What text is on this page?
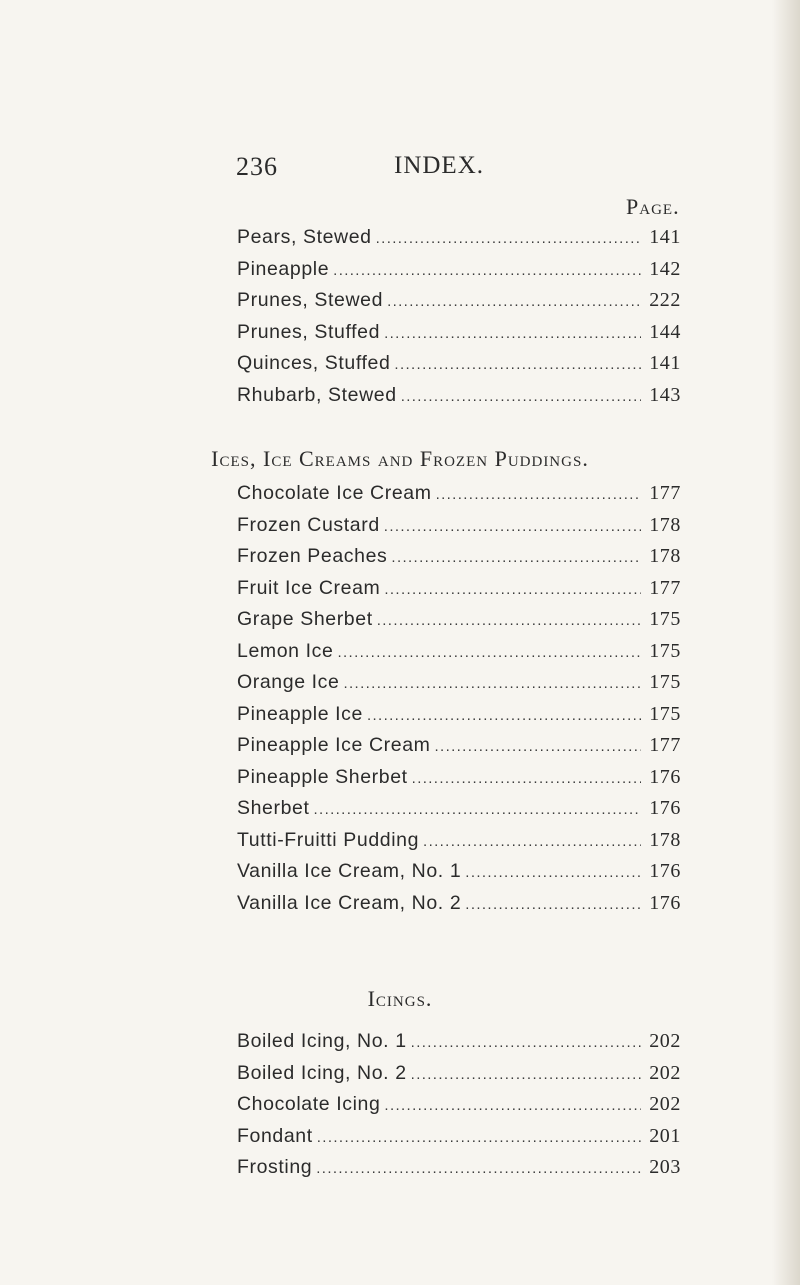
236	INDEX.
Page.
Pears, Stewed . . .	141
Pineapple . . .	142
Prunes, Stewed . . .	222
Prunes, Stuffed . . .	144
Quinces, Stuffed . . .	141
Rhubarb, Stewed . . .	143
Ices, Ice Creams and Frozen Puddings.
Chocolate Ice Cream . . .	177
Frozen Custard . . .	178
Frozen Peaches . . .	178
Fruit Ice Cream . . .	177
Grape Sherbet . . .	175
Lemon Ice . . .	175
Orange Ice . . .	175
Pineapple Ice . . .	175
Pineapple Ice Cream . . .	177
Pineapple Sherbet . . .	176
Sherbet . . .	176
Tutti-Fruitti Pudding . . .	178
Vanilla Ice Cream, No. 1 . . .	176
Vanilla Ice Cream, No. 2 . . .	176
Icings.
Boiled Icing, No. 1 . . .	202
Boiled Icing, No. 2 . . .	202
Chocolate Icing . . .	202
Fondant . . .	201
Frosting . . .	203
